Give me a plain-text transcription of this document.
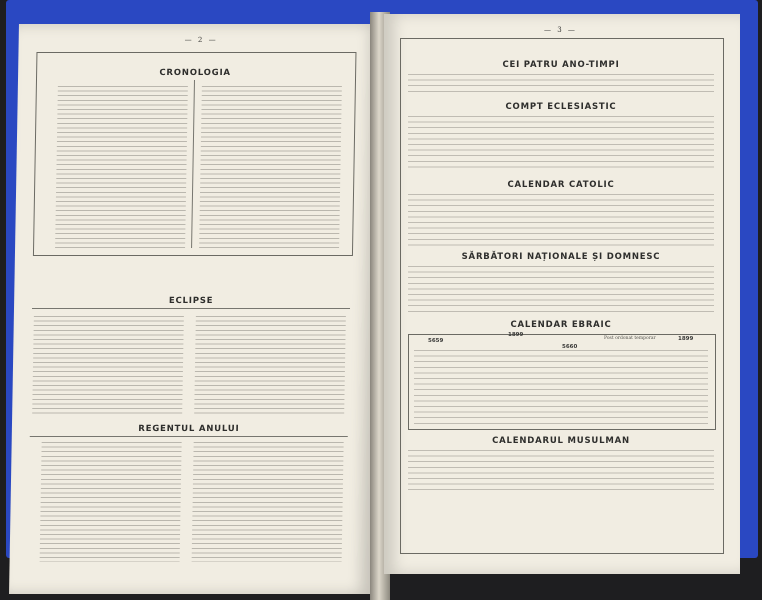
— 2 —
CRONOLOGIA
ECLIPSE
REGENTUL ANULUI
— 3 —
CEI PATRU ANO-TIMPI
COMPT ECLESIASTIC
CALENDAR CATOLIC
SĂRBĂTORI NAȚIONALE ȘI DOMNESC
CALENDAR EBRAIC
5659
1899
5660
1899
Post ordonat temporar
CALENDARUL MUSULMAN
